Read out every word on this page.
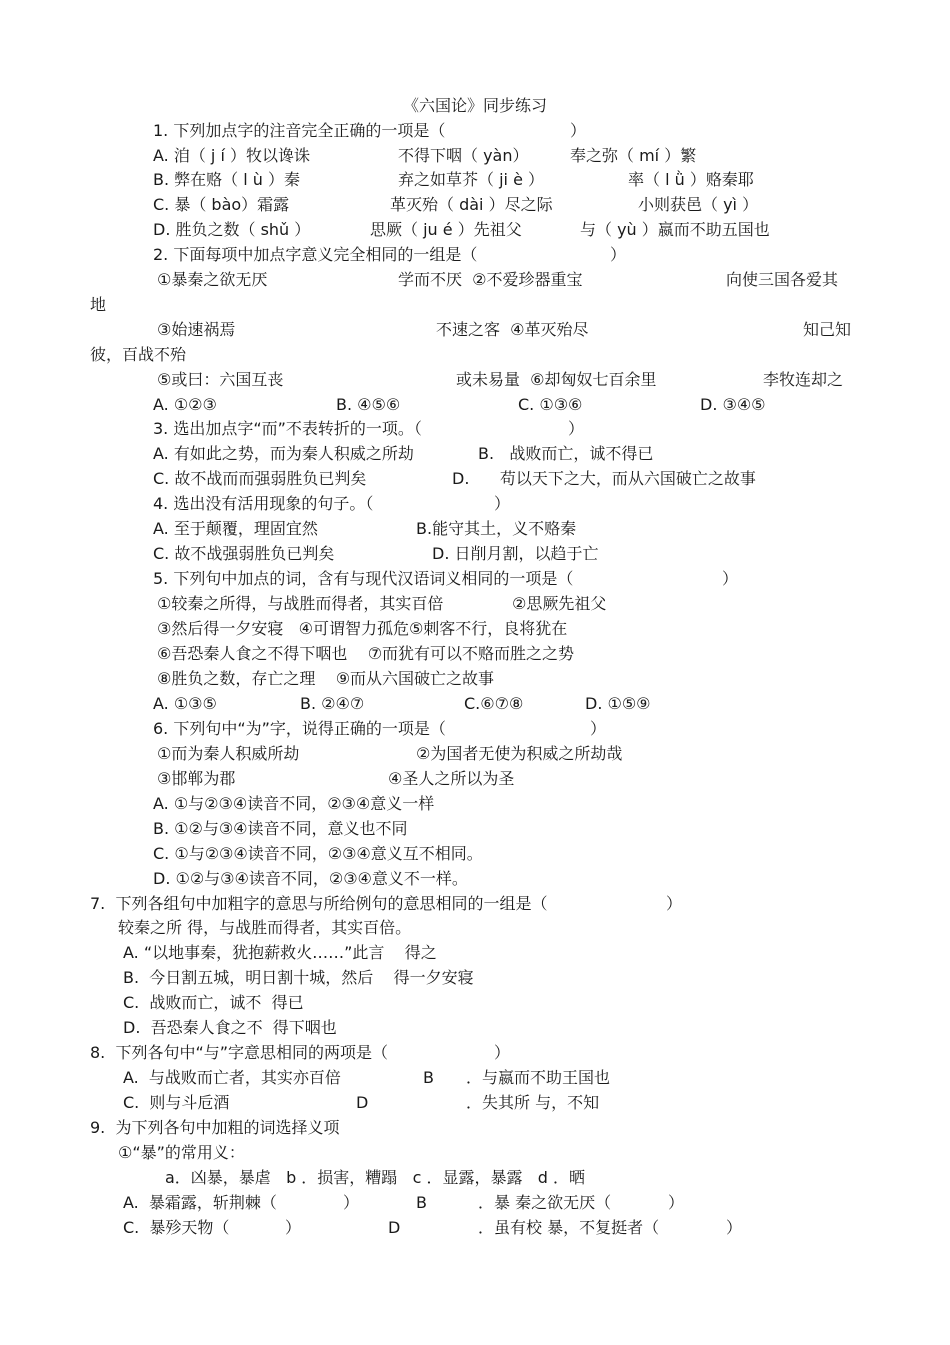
《六国论》同步练习
1. 下列加点字的注音完全正确的一项是（	）
A. 洎（ j í ）牧以谗诛	不得下咽（ yàn）	奉之弥（ mí ）繁
B. 弊在赂（ l ù ）秦	弃之如草芥（ ji è ）	率（ l ǜ ）赂秦耶
C. 暴（ bào）霜露	革灭殆（ dài ）尽之际	小则获邑（ yì ）
D. 胜负之数（ shǔ ）	思厥（ ju é ）先祖父	与（ yù ）嬴而不助五国也
2. 下面每项中加点字意义完全相同的一组是（	）
①暴秦之欲无厌	学而不厌  ②不爱珍器重宝	向使三国各爱其
地
③始速祸焉	不速之客  ④革灭殆尽	知己知
彼，百战不殆
⑤或曰：六国互丧	或未易量  ⑥却匈奴七百余里	李牧连却之
A. ①②③	B. ④⑤⑥	C. ①③⑥	D. ③④⑤
3. 选出加点字“而”不表转折的一项。（	）
A. 有如此之势，而为秦人积威之所劫	B.   战败而亡，诚不得已
C. 故不战而而强弱胜负已判矣	D.      苟以天下之大，而从六国破亡之故事
4. 选出没有活用现象的句子。（	）
A. 至于颠覆，理固宜然	B.能守其土，义不赂秦
C. 故不战强弱胜负已判矣	D. 日削月割，以趋于亡
5. 下列句中加点的词，含有与现代汉语词义相同的一项是（	）
①较秦之所得，与战胜而得者，其实百倍	②思厥先祖父
③然后得一夕安寝   ④可谓智力孤危⑤刺客不行，良将犹在
⑥吾恐秦人食之不得下咽也    ⑦而犹有可以不赂而胜之之势
⑧胜负之数，存亡之理    ⑨而从六国破亡之故事
A. ①③⑤	B. ②④⑦	C.⑥⑦⑧	D. ①⑤⑨
6. 下列句中“为”字，说得正确的一项是（	）
①而为秦人积威所劫	②为国者无使为积威之所劫哉
③邯郸为郡	④圣人之所以为圣
A. ①与②③④读音不同，②③④意义一样
B. ①②与③④读音不同，意义也不同
C. ①与②③④读音不同，②③④意义互不相同。
D. ①②与③④读音不同，②③④意义不一样。
7.  下列各组句中加粗字的意思与所给例句的意思相同的一组是（	）
较秦之所 得，与战胜而得者，其实百倍。
A. “以地事秦，犹抱薪救火……”此言    得之
B.  今日割五城，明日割十城，然后    得一夕安寝
C.  战败而亡，诚不  得已
D.  吾恐秦人食之不  得下咽也
8.  下列各句中“与”字意思相同的两项是（	）
A.  与战败而亡者，其实亦百倍	B ．与嬴而不助王国也
C.  则与斗卮酒	D	．失其所 与，不知
9.  为下列各句中加粗的词选择义项
①“暴”的常用义：
a．凶暴，暴虐   b ．损害，糟蹋   c ．显露，暴露   d ．晒
A.  暴霜露，斩荆棘（	）	B	．暴 秦之欲无厌（	）
C.  暴殄天物（	）	D	．虽有校 暴，不复挺者（	）
